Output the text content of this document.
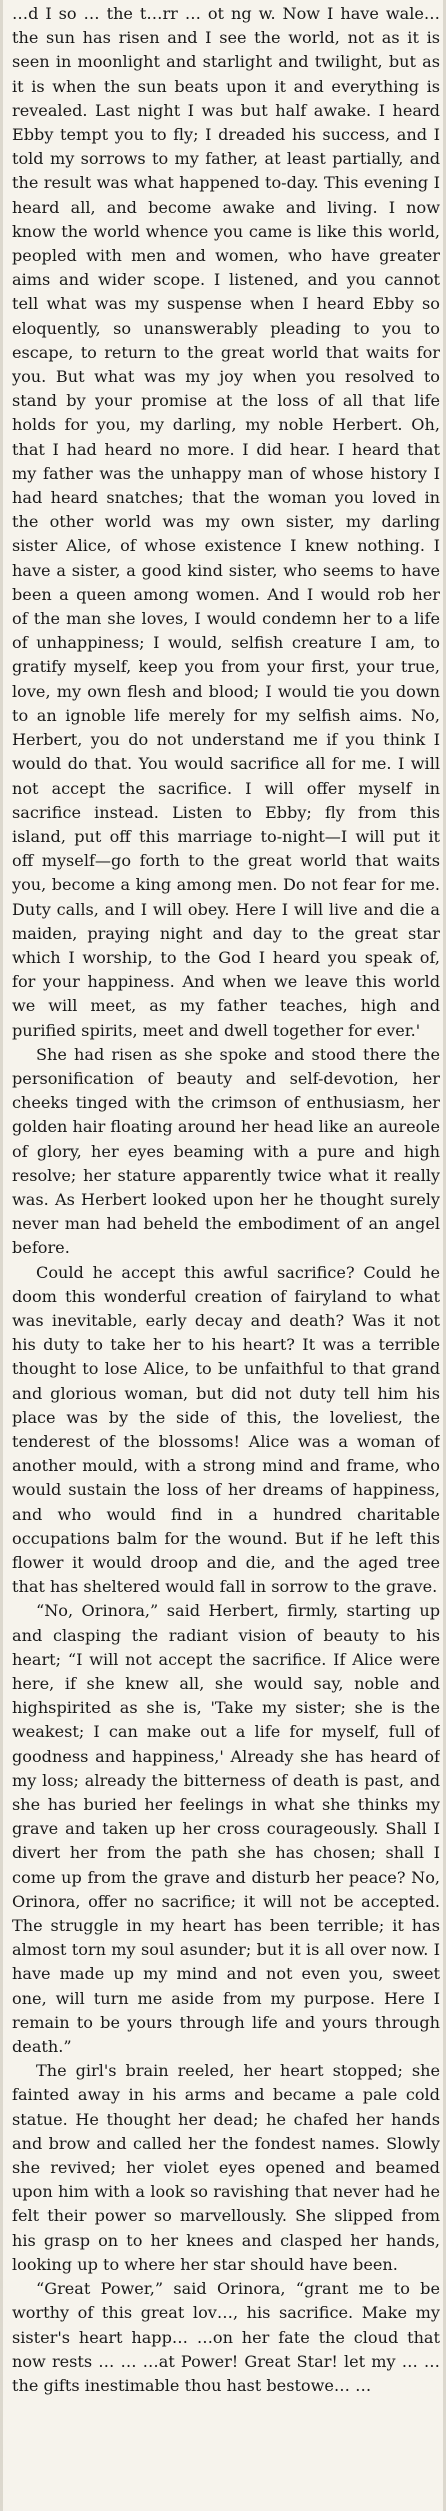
…d I so … the t…rr … ot ng w. Now I have wale… the sun has risen and I see the world, not as it is seen in moonlight and starlight and twilight, but as it is when the sun beats upon it and everything is revealed. Last night I was but half awake. I heard Ebby tempt you to fly; I dreaded his success, and I told my sorrows to my father, at least partially, and the result was what happened to-day. This evening I heard all, and become awake and living. I now know the world whence you came is like this world, peopled with men and women, who have greater aims and wider scope. I listened, and you cannot tell what was my suspense when I heard Ebby so eloquently, so unanswerably pleading to you to escape, to return to the great world that waits for you. But what was my joy when you resolved to stand by your promise at the loss of all that life holds for you, my darling, my noble Herbert. Oh, that I had heard no more. I did hear. I heard that my father was the unhappy man of whose history I had heard snatches; that the woman you loved in the other world was my own sister, my darling sister Alice, of whose existence I knew nothing. I have a sister, a good kind sister, who seems to have been a queen among women. And I would rob her of the man she loves, I would condemn her to a life of unhappiness; I would, selfish creature I am, to gratify myself, keep you from your first, your true, love, my own flesh and blood; I would tie you down to an ignoble life merely for my selfish aims. No, Herbert, you do not understand me if you think I would do that. You would sacrifice all for me. I will not accept the sacrifice. I will offer myself in sacrifice instead. Listen to Ebby; fly from this island, put off this marriage to-night—I will put it off myself—go forth to the great world that waits you, become a king among men. Do not fear for me. Duty calls, and I will obey. Here I will live and die a maiden, praying night and day to the great star which I worship, to the God I heard you speak of, for your happiness. And when we leave this world we will meet, as my father teaches, high and purified spirits, meet and dwell together for ever.'

She had risen as she spoke and stood there the personification of beauty and self-devotion, her cheeks tinged with the crimson of enthusiasm, her golden hair floating around her head like an aureole of glory, her eyes beaming with a pure and high resolve; her stature apparently twice what it really was. As Herbert looked upon her he thought surely never man had beheld the embodiment of an angel before.

Could he accept this awful sacrifice? Could he doom this wonderful creation of fairyland to what was inevitable, early decay and death? Was it not his duty to take her to his heart? It was a terrible thought to lose Alice, to be unfaithful to that grand and glorious woman, but did not duty tell him his place was by the side of this, the loveliest, the tenderest of the blossoms! Alice was a woman of another mould, with a strong mind and frame, who would sustain the loss of her dreams of happiness, and who would find in a hundred charitable occupations balm for the wound. But if he left this flower it would droop and die, and the aged tree that has sheltered would fall in sorrow to the grave.

“No, Orinora,” said Herbert, firmly, starting up and clasping the radiant vision of beauty to his heart; “I will not accept the sacrifice. If Alice were here, if she knew all, she would say, noble and highspirited as she is, 'Take my sister; she is the weakest; I can make out a life for myself, full of goodness and happiness,' Already she has heard of my loss; already the bitterness of death is past, and she has buried her feelings in what she thinks my grave and taken up her cross courageously. Shall I divert her from the path she has chosen; shall I come up from the grave and disturb her peace? No, Orinora, offer no sacrifice; it will not be accepted. The struggle in my heart has been terrible; it has almost torn my soul asunder; but it is all over now. I have made up my mind and not even you, sweet one, will turn me aside from my purpose. Here I remain to be yours through life and yours through death.”

The girl's brain reeled, her heart stopped; she fainted away in his arms and became a pale cold statue. He thought her dead; he chafed her hands and brow and called her the fondest names. Slowly she revived; her violet eyes opened and beamed upon him with a look so ravishing that never had he felt their power so marvellously. She slipped from his grasp on to her knees and clasped her hands, looking up to where her star should have been.

“Great Power,” said Orinora, “grant me to be worthy of this great lov…, his sacrifice. Make my sister's heart happ… …on her fate the cloud that now rests … … …at Power! Great Star! let my … … the gifts inestimable thou hast bestowe… …
